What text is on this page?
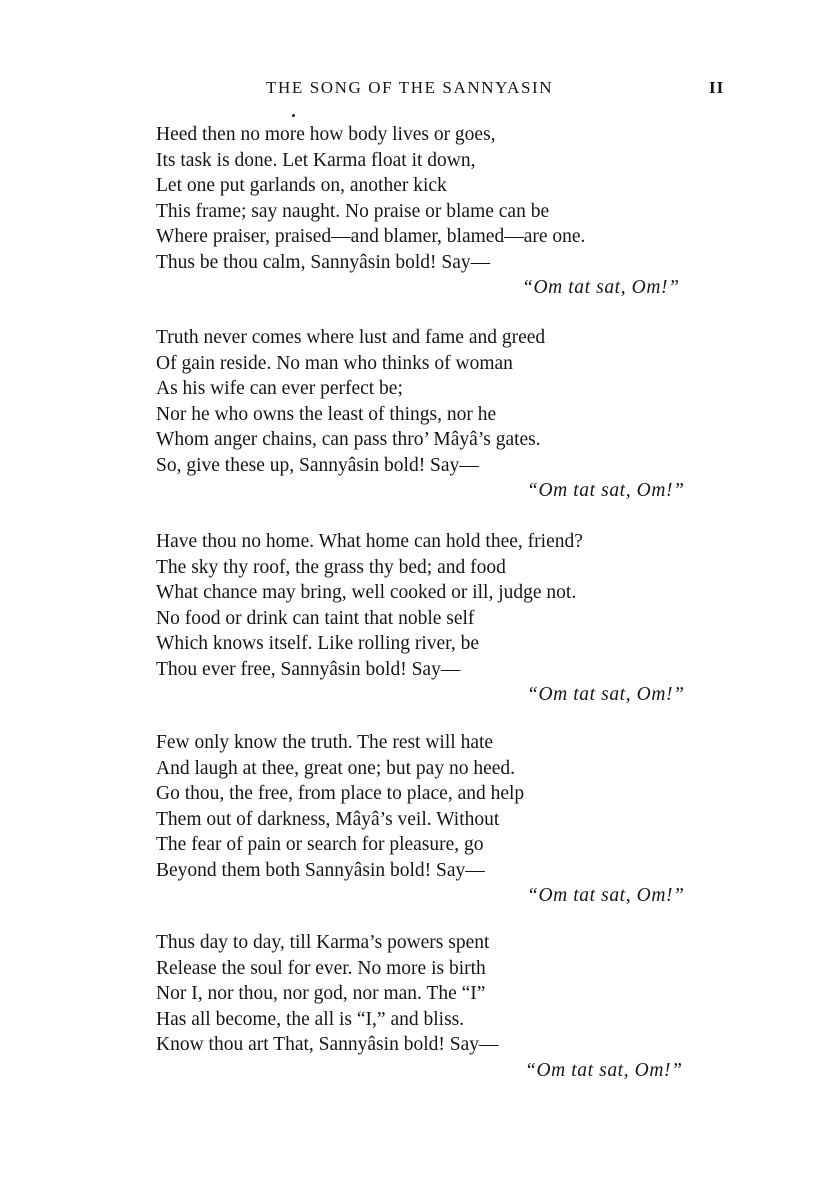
THE SONG OF THE SANNYASIN	II
Heed then no more how body lives or goes,
Its task is done. Let Karma float it down,
Let one put garlands on, another kick
This frame; say naught. No praise or blame can be
Where praiser, praised—and blamer, blamed—are one.
Thus be thou calm, Sannyâsin bold! Say—
“Om tat sat, Om!”
Truth never comes where lust and fame and greed
Of gain reside. No man who thinks of woman
As his wife can ever perfect be;
Nor he who owns the least of things, nor he
Whom anger chains, can pass thro’ Mâyâ’s gates.
So, give these up, Sannyâsin bold! Say—
“Om tat sat, Om!”
Have thou no home. What home can hold thee, friend?
The sky thy roof, the grass thy bed; and food
What chance may bring, well cooked or ill, judge not.
No food or drink can taint that noble self
Which knows itself. Like rolling river, be
Thou ever free, Sannyâsin bold! Say—
“Om tat sat, Om!”
Few only know the truth. The rest will hate
And laugh at thee, great one; but pay no heed.
Go thou, the free, from place to place, and help
Them out of darkness, Mâyâ’s veil. Without
The fear of pain or search for pleasure, go
Beyond them both Sannyâsin bold! Say—
“Om tat sat, Om!”
Thus day to day, till Karma’s powers spent
Release the soul for ever. No more is birth
Nor I, nor thou, nor god, nor man. The “I”
Has all become, the all is “I,” and bliss.
Know thou art That, Sannyâsin bold! Say—
“Om tat sat, Om!”
